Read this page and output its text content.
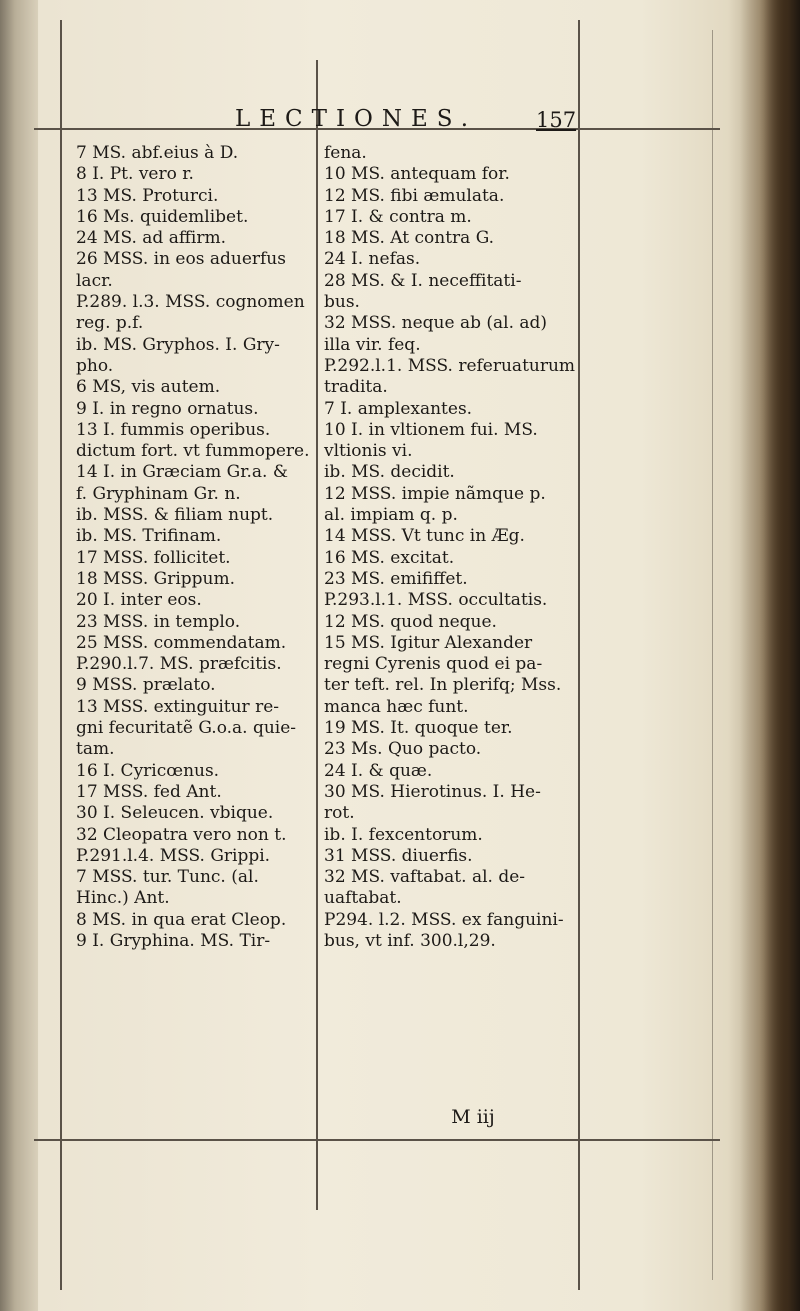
LECTIONES.	157
7 MS. abf.eius à D.
8 I. Pt. vero r.
13 MS. Proturci.
16 Ms. quidemlibet.
24 MS. ad affirm.
26 MSS. in eos aduerfus
lacr.
P.289. l.3. MSS. cognomen
reg. p.f.
ib. MS. Gryphos. I. Gry-
pho.
6 MS, vis autem.
9 I. in regno ornatus.
13 I. fummis operibus.
dictum fort. vt fummopere.
14 I. in Græciam Gr.a. &
f. Gryphinam Gr. n.
ib. MSS. & filiam nupt.
ib. MS. Trifinam.
17 MSS. follicitet.
18 MSS. Grippum.
20 I. inter eos.
23 MSS. in templo.
25 MSS. commendatam.
P.290.l.7. MS. præfcitis.
9 MSS. prælato.
13 MSS. extinguitur re-
gni fecuritatẽ G.o.a. quie-
tam.
16 I. Cyricœnus.
17 MSS. fed Ant.
30 I. Seleucen. vbique.
32 Cleopatra vero non t.
P.291.l.4. MSS. Grippi.
7 MSS. tur. Tunc. (al.
Hinc.) Ant.
8 MS. in qua erat Cleop.
9 I. Gryphina. MS. Tir-
fena.
10 MS. antequam for.
12 MS. fibi æmulata.
17 I. & contra m.
18 MS. At contra G.
24 I. nefas.
28 MS. & I. neceffitati-
bus.
32 MSS. neque ab (al. ad)
illa vir. feq.
P.292.l.1. MSS. referuaturum
tradita.
7 I. amplexantes.
10 I. in vltionem fui. MS.
vltionis vi.
ib. MS. decidit.
12 MSS. impie nãmque p.
al. impiam q. p.
14 MSS. Vt tunc in Æg.
16 MS. excitat.
23 MS. emififfet.
P.293.l.1. MSS. occultatis.
12 MS. quod neque.
15 MS. Igitur Alexander
regni Cyrenis quod ei pa-
ter teft. rel. In plerifq; Mss.
manca hæc funt.
19 MS. It. quoque ter.
23 Ms. Quo pacto.
24 I. & quæ.
30 MS. Hierotinus. I. He-
rot.
ib. I. fexcentorum.
31 MSS. diuerfis.
32 MS. vaftabat. al. de-
uaftabat.
P294. l.2. MSS. ex fanguini-
bus, vt inf. 300.l,29.
M iij
